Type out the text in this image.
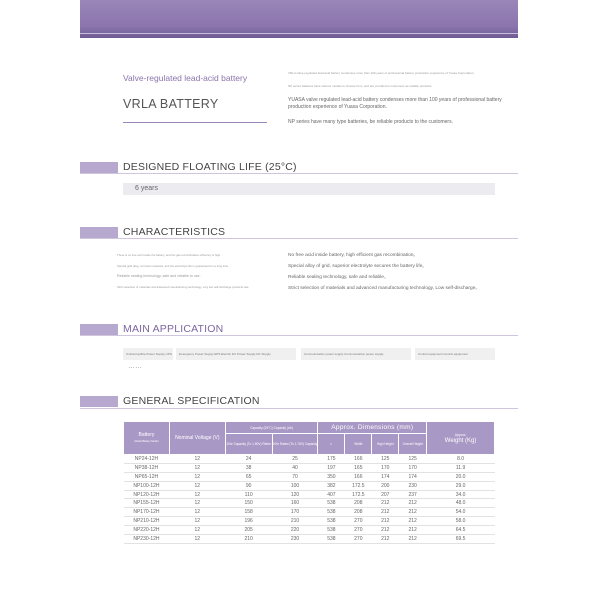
Valve-regulated lead-acid battery
VRLA BATTERY
VRLA valve-regulated lead-acid battery condenses more than 100 years of professional battery production experience of Yuasa Corporation.
NP series batteries have various models to choose from, and are provided to customers as reliable products.
YUASA valve regulated lead-acid battery condenses more than 100 years of professional battery production experience of Yuasa Corporation.
NP series have many type batteries, be reliable products to the customers.
DESIGNED FLOATING LIFE (25°C)
6 years
CHARACTERISTICS
There is no free acid inside the battery, and the gas recombination efficiency is high.
Special gold alloy, corrosion-resistant, and the electrolyte life is guaranteed for a long time.
Reliable sealing technology, safe and reliable to use.
Strict selection of materials and advanced manufacturing technology, very low self-discharge products rate.
No free acid inside battery, high efficient gas recombination。
Special alloy of grid, superior electrolyte secures the battery life。
Reliable sealing technology, safe and reliable。
Strict selection of materials and advanced manufacturing technology, Low self-discharge。
MAIN APPLICATION
Uninterruptible Power Supply UPS Emergency Power Supply EPS Electric DC Power Supply DC Supply	Communication power supply Communication power supply	Control equipment Control equipment
……
GENERAL SPECIFICATION
Battery
Model Battery Model	Nominal Voltage (V)	Capacity (25°C) Capacity (Ah)		Approx. Dimensions (mm)				Approx.
Weight (Kg)
		10hr Capacity (To 1.80V) Reten	20hr Rated (To 1.75V) Capacity	L	Width	High Height	Overall Height	
NP24-12H	12	24	25	175	166	125	125	8.0
NP38-12H	12	38	40	197	165	170	170	11.9
NP65-12H	12	65	70	350	166	174	174	20.0
NP100-12H	12	90	100	382	172.5	200	230	29.0
NP120-12H	12	110	120	407	172.5	207	237	34.0
NP155-12H	12	150	160	538	208	212	212	48.0
NP170-12H	12	158	170	538	208	212	212	54.0
NP210-12H	12	196	210	538	270	212	212	58.0
NP220-12H	12	205	220	538	270	212	212	64.5
NP230-12H	12	210	230	538	270	212	212	69.5
